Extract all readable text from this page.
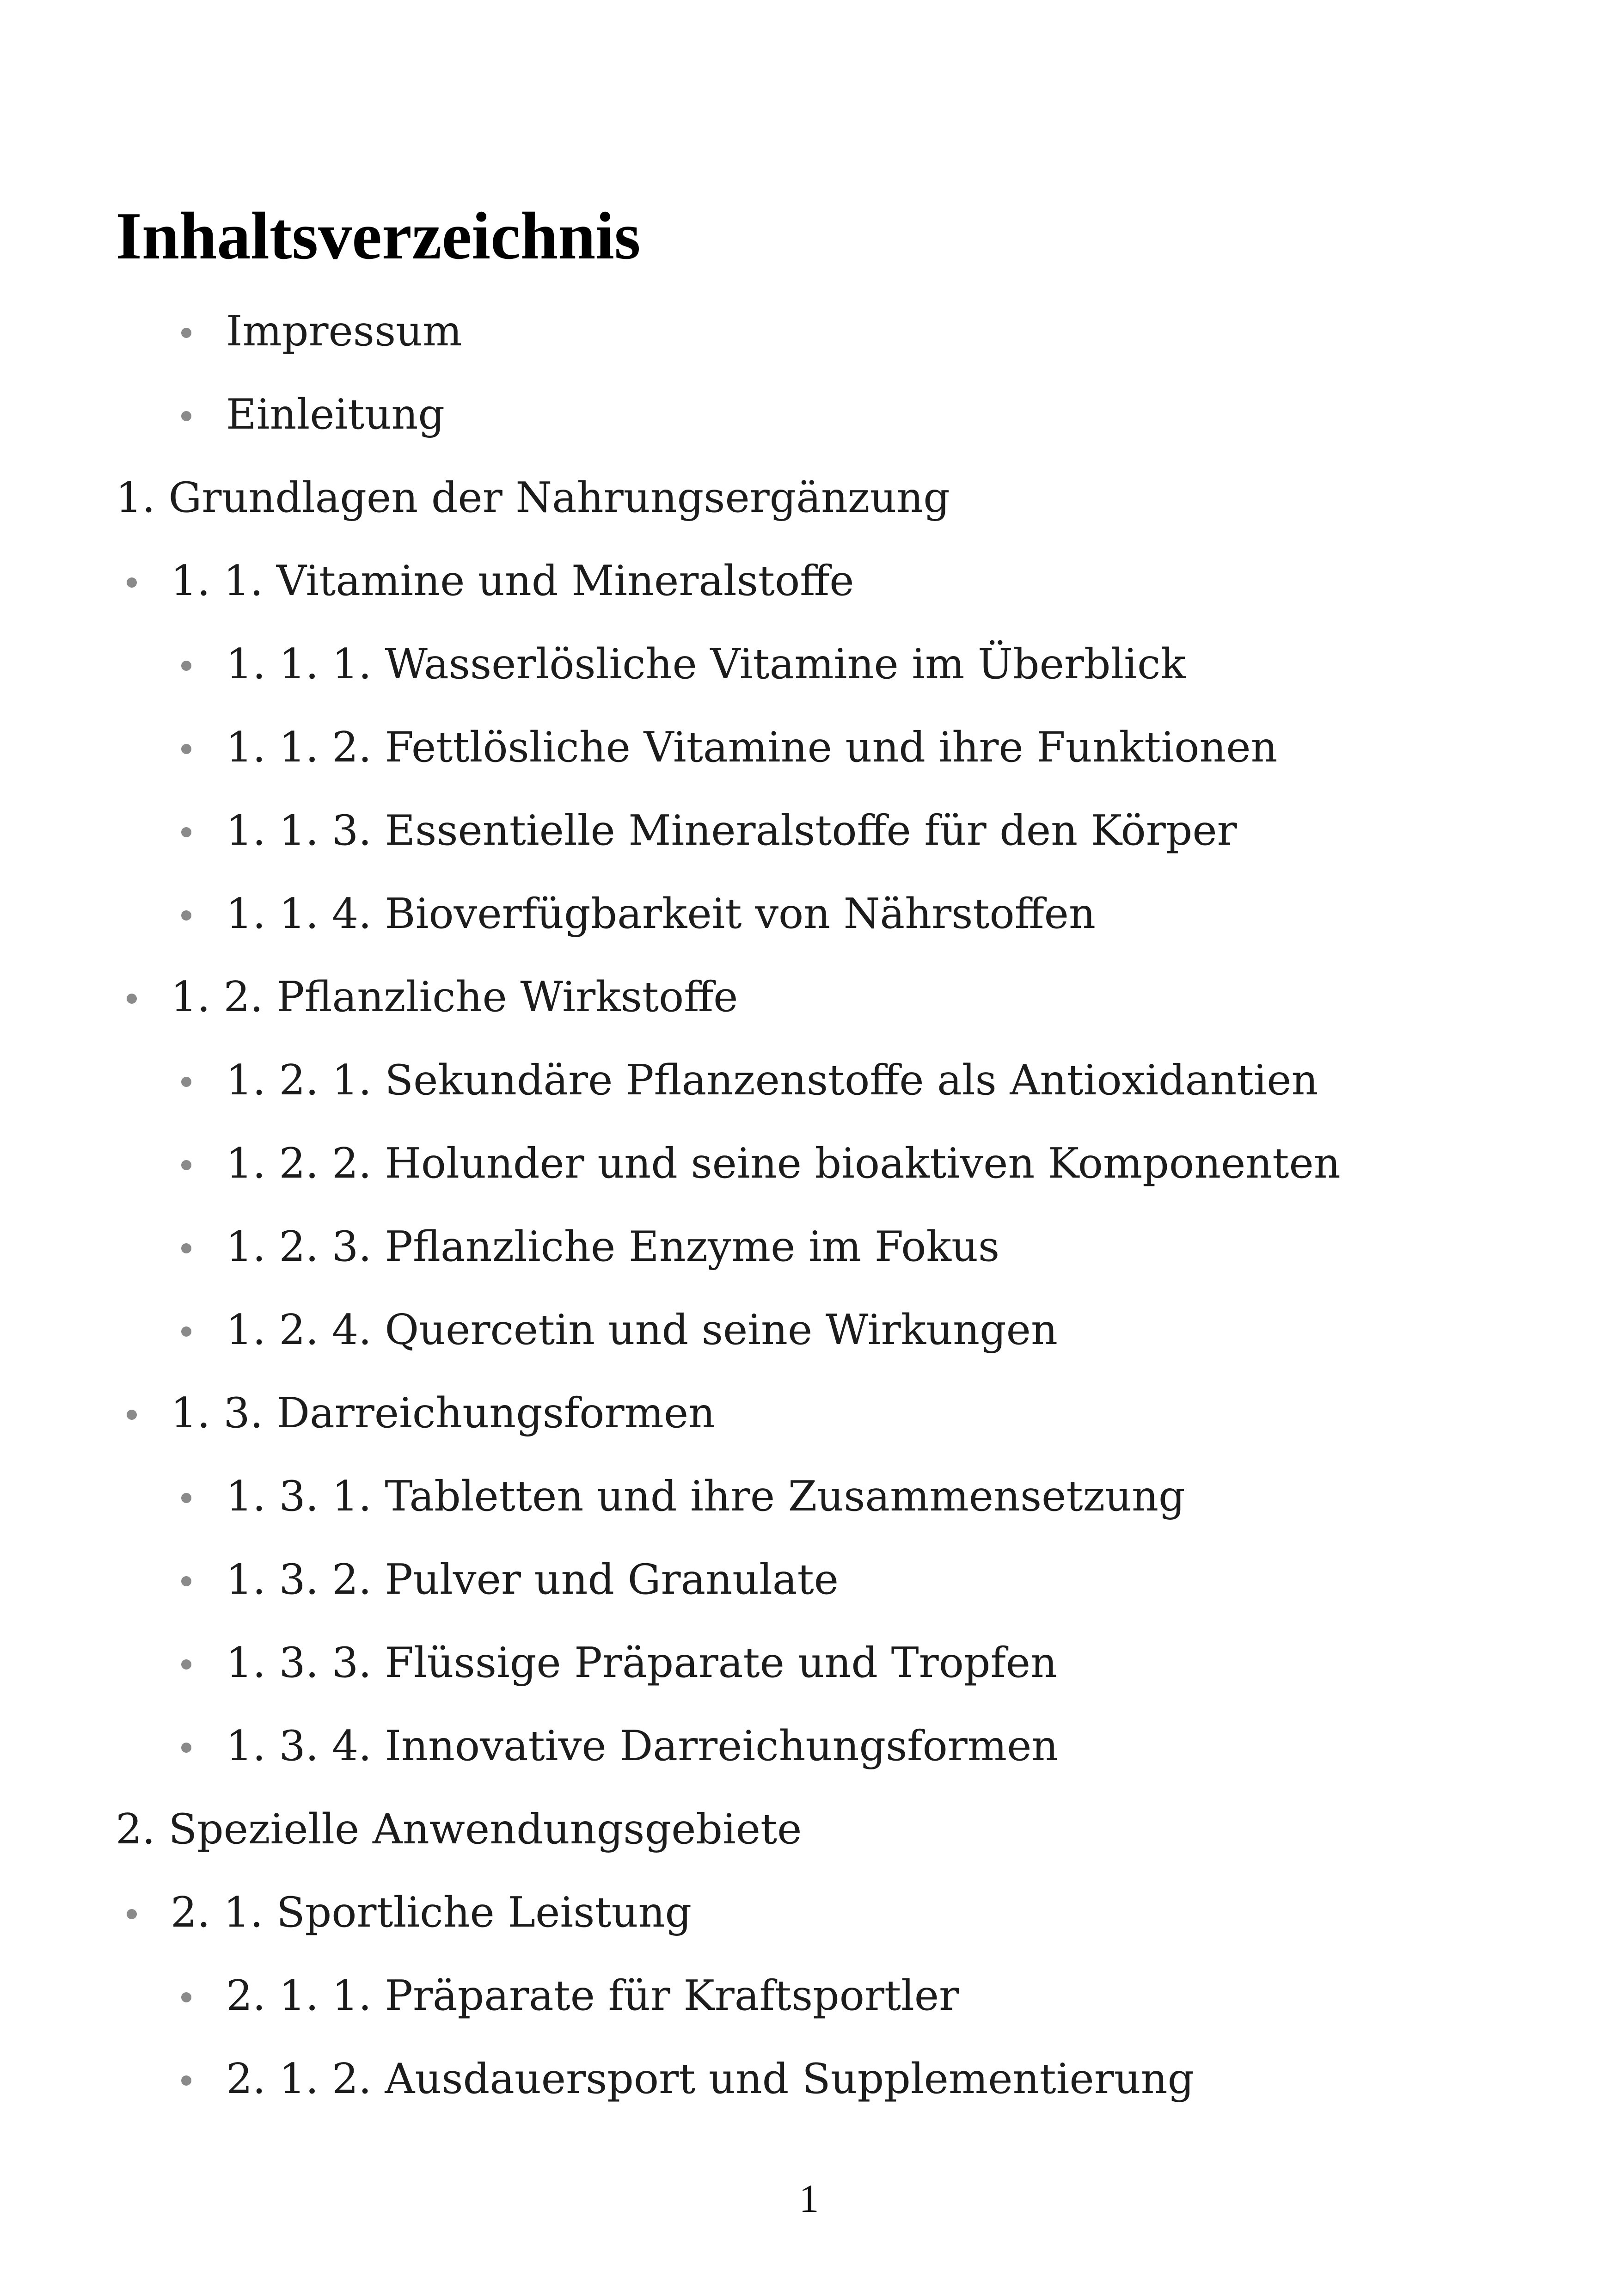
Inhaltsverzeichnis
Impressum
Einleitung
1. Grundlagen der Nahrungsergänzung
1. 1. Vitamine und Mineralstoffe
1. 1. 1. Wasserlösliche Vitamine im Überblick
1. 1. 2. Fettlösliche Vitamine und ihre Funktionen
1. 1. 3. Essentielle Mineralstoffe für den Körper
1. 1. 4. Bioverfügbarkeit von Nährstoffen
1. 2. Pflanzliche Wirkstoffe
1. 2. 1. Sekundäre Pflanzenstoffe als Antioxidantien
1. 2. 2. Holunder und seine bioaktiven Komponenten
1. 2. 3. Pflanzliche Enzyme im Fokus
1. 2. 4. Quercetin und seine Wirkungen
1. 3. Darreichungsformen
1. 3. 1. Tabletten und ihre Zusammensetzung
1. 3. 2. Pulver und Granulate
1. 3. 3. Flüssige Präparate und Tropfen
1. 3. 4. Innovative Darreichungsformen
2. Spezielle Anwendungsgebiete
2. 1. Sportliche Leistung
2. 1. 1. Präparate für Kraftsportler
2. 1. 2. Ausdauersport und Supplementierung
1
